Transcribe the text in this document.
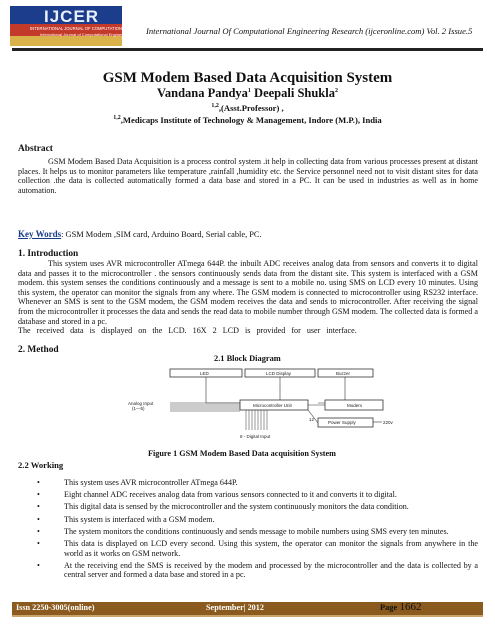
IJCER
INTERNATIONAL JOURNAL OF COMPUTATIONAL ENGINEERING RESEARCH
International Journal of Computational Engineering Research
International Journal Of Computational Engineering Research (ijceronline.com) Vol. 2 Issue.5
GSM Modem Based Data Acquisition System
Vandana Pandya$^1$ Deepali Shukla$^2$
$^{1,2}$,(Asst.Professor) ,
$^{1,2}$,Medicaps Institute of Technology & Management, Indore (M.P.), India
Abstract
GSM Modem Based Data Acquisition is a process control system .it help in collecting data from various processes present at distant places. It helps us to monitor parameters like temperature ,rainfall ,humidity etc. the Service personnel need not to visit distant sites for data collection .the data is collected automatically formed a data base and stored in a PC. It can be used in industries as well as in home automation.
Key Words: GSM Modem ,SIM card, Arduino Board, Serial cable, PC.
1. Introduction
This system uses AVR microcontroller ATmega 644P. the inbuilt ADC receives analog data from sensors and converts it to digital data and passes it to the microcontroller . the sensors continuously sends data from the distant site. This system is interfaced with a GSM modem. this system senses the conditions continuously and a message is sent to a mobile no. using SMS on LCD every 10 minutes. Using this system, the operator can monitor the signals from any where. The GSM modem is connected to microcontroller using RS232 interface. Whenever an SMS is sent to the GSM modem, the GSM modem receives the data and sends to microcontroller. After receiving the signal from the microcontroller it processes the data and sends the read data to mobile number through GSM modem. The collected data is formed a database and stored in a pc.
The   received   data   is   displayed   on   the   LCD.   16X   2   LCD   is   provided   for   user   interface.
2. Method
2.1 Block Diagram
LED	LCD Display	Buzzer
Analog Input
(1—5)
Microcontroller Unit	Modem
12
Power Supply	220v
8 - Digital Input
Figure 1 GSM Modem Based Data acquisition System
2.2 Working
•	This system uses AVR microcontroller ATmega 644P.
•	Eight channel ADC receives analog data from various sensors connected to it and converts it to digital.
•	This digital data is sensed by the microcontroller and the system continuously monitors the data condition.
•	This system is interfaced with a GSM modem.
•	The system monitors the conditions continuously and sends message to mobile numbers using SMS every ten minutes.
•	This data is displayed on LCD every second. Using this system, the operator can monitor the signals from anywhere in the world as it works on GSM network.
•	At the receiving end the SMS is received by the modem and processed by the microcontroller and the data is collected by a central server and formed a data base and stored in a pc.
Issn 2250-3005(online)	September| 2012	Page 1662
